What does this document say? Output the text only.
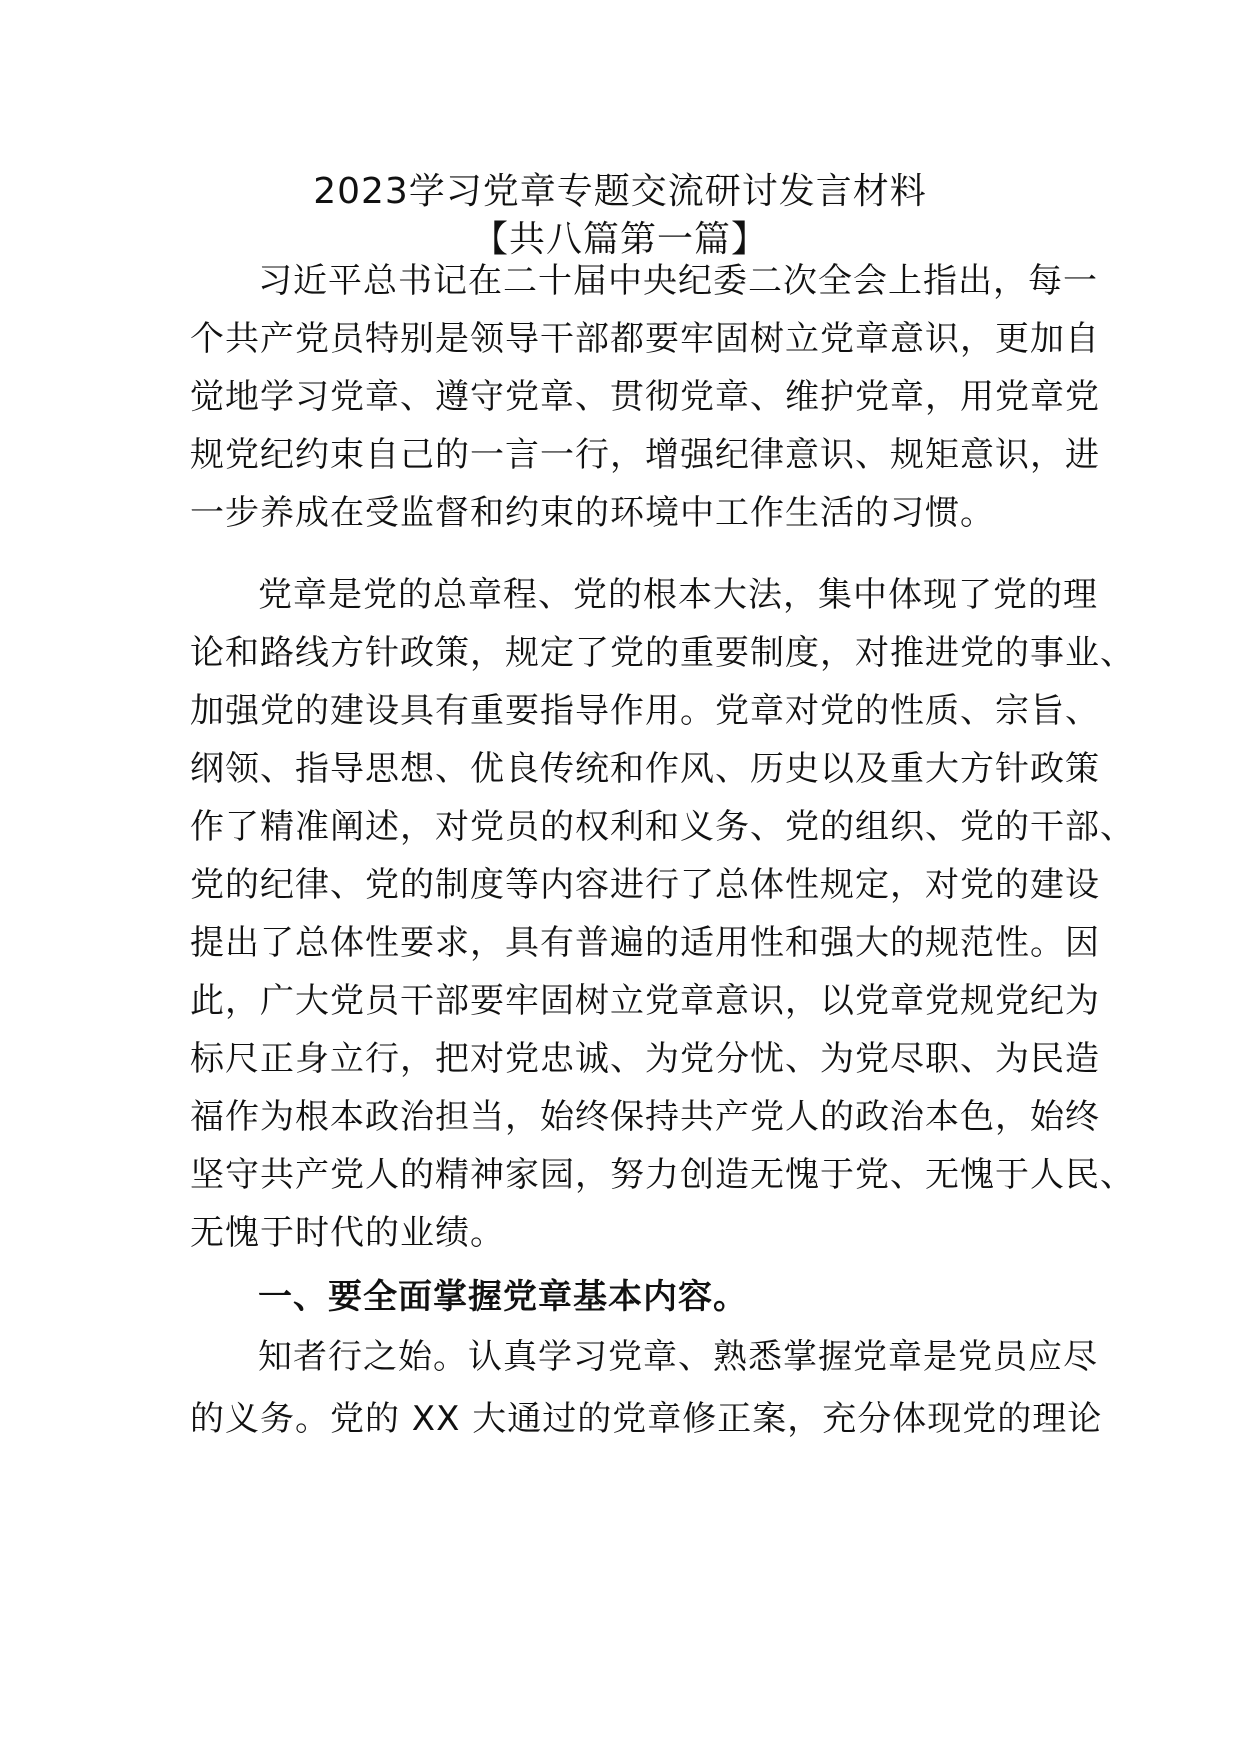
2023学习党章专题交流研讨发言材料
【共八篇第一篇】
习近平总书记在二十届中央纪委二次全会上指出，每一
个共产党员特别是领导干部都要牢固树立党章意识，更加自
觉地学习党章、遵守党章、贯彻党章、维护党章，用党章党
规党纪约束自己的一言一行，增强纪律意识、规矩意识，进
一步养成在受监督和约束的环境中工作生活的习惯。
党章是党的总章程、党的根本大法，集中体现了党的理
论和路线方针政策，规定了党的重要制度，对推进党的事业、
加强党的建设具有重要指导作用。党章对党的性质、宗旨、
纲领、指导思想、优良传统和作风、历史以及重大方针政策
作了精准阐述，对党员的权利和义务、党的组织、党的干部、
党的纪律、党的制度等内容进行了总体性规定，对党的建设
提出了总体性要求，具有普遍的适用性和强大的规范性。因
此，广大党员干部要牢固树立党章意识，以党章党规党纪为
标尺正身立行，把对党忠诚、为党分忧、为党尽职、为民造
福作为根本政治担当，始终保持共产党人的政治本色，始终
坚守共产党人的精神家园，努力创造无愧于党、无愧于人民、
无愧于时代的业绩。
一、要全面掌握党章基本内容。
知者行之始。认真学习党章、熟悉掌握党章是党员应尽
的义务。党的 XX 大通过的党章修正案，充分体现党的理论
